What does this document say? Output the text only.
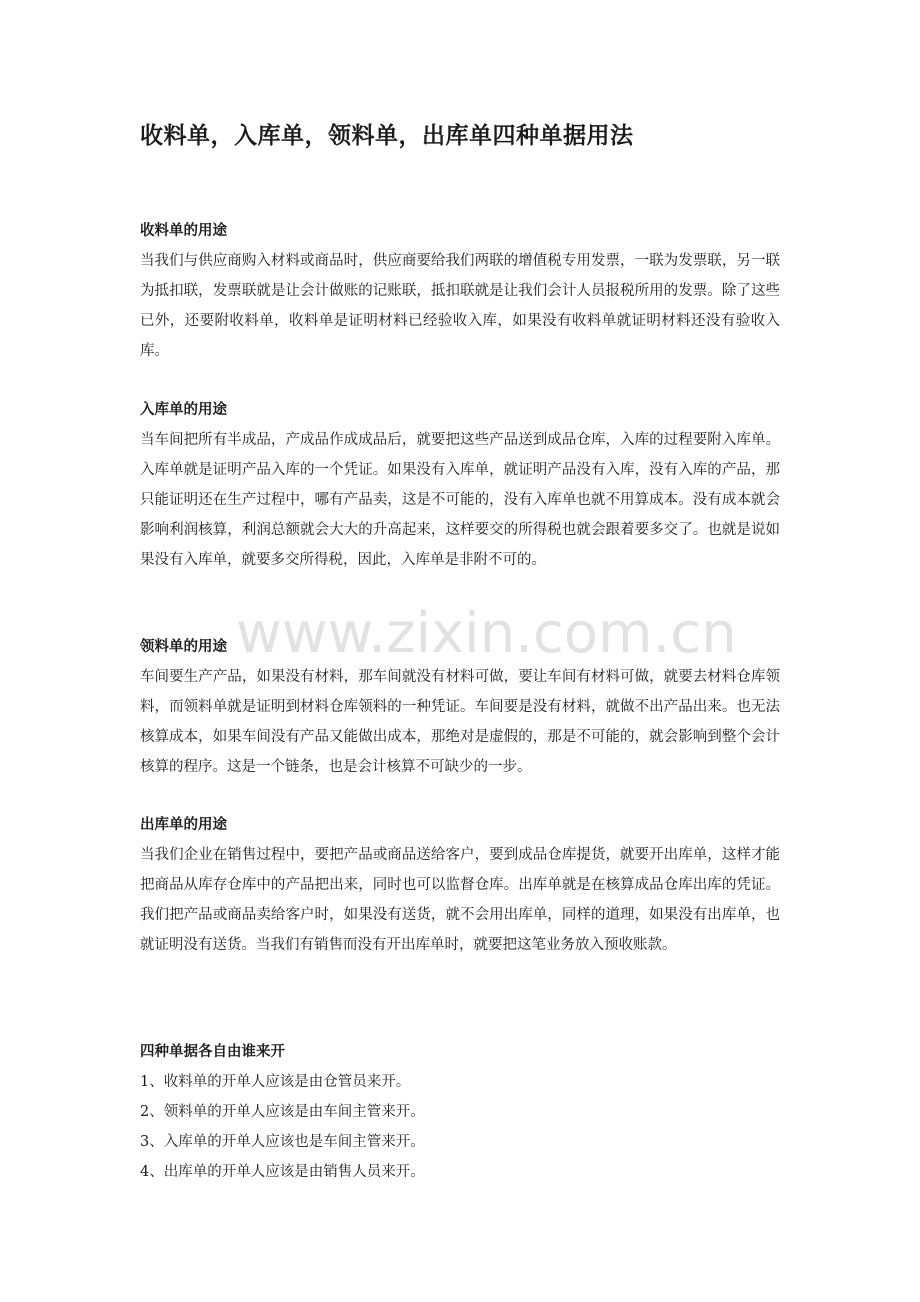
收料单，入库单，领料单，出库单四种单据用法
收料单的用途

当我们与供应商购入材料或商品时，供应商要给我们两联的增值税专用发票，一联为发票联，另一联为抵扣联，发票联就是让会计做账的记账联，抵扣联就是让我们会计人员报税所用的发票。除了这些已外，还要附收料单，收料单是证明材料已经验收入库，如果没有收料单就证明材料还没有验收入库。

入库单的用途

当车间把所有半成品，产成品作成成品后，就要把这些产品送到成品仓库，入库的过程要附入库单。入库单就是证明产品入库的一个凭证。如果没有入库单，就证明产品没有入库，没有入库的产品，那只能证明还在生产过程中，哪有产品卖，这是不可能的，没有入库单也就不用算成本。没有成本就会影响利润核算，利润总额就会大大的升高起来，这样要交的所得税也就会跟着要多交了。也就是说如果没有入库单，就要多交所得税，因此，入库单是非附不可的。

领料单的用途

车间要生产产品，如果没有材料，那车间就没有材料可做，要让车间有材料可做，就要去材料仓库领料，而领料单就是证明到材料仓库领料的一种凭证。车间要是没有材料，就做不出产品出来。也无法核算成本，如果车间没有产品又能做出成本，那绝对是虚假的，那是不可能的，就会影响到整个会计核算的程序。这是一个链条，也是会计核算不可缺少的一步。

出库单的用途

当我们企业在销售过程中，要把产品或商品送给客户，要到成品仓库提货，就要开出库单，这样才能把商品从库存仓库中的产品把出来，同时也可以监督仓库。出库单就是在核算成品仓库出库的凭证。我们把产品或商品卖给客户时，如果没有送货，就不会用出库单，同样的道理，如果没有出库单，也就证明没有送货。当我们有销售而没有开出库单时，就要把这笔业务放入预收账款。

四种单据各自由谁来开
1、收料单的开单人应该是由仓管员来开。
2、领料单的开单人应该是由车间主管来开。
3、入库单的开单人应该也是车间主管来开。
4、出库单的开单人应该是由销售人员来开。
www.zixin.com.cn
